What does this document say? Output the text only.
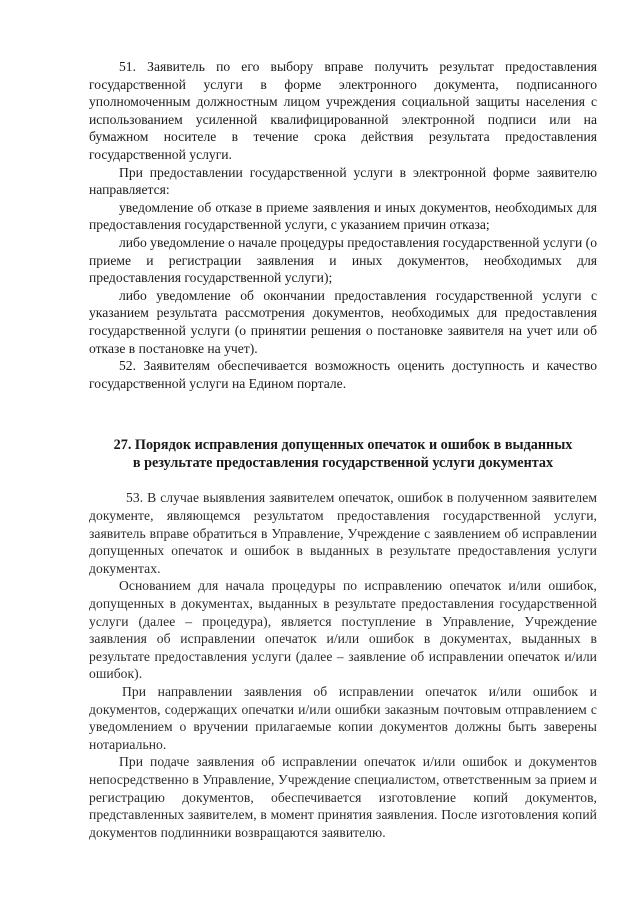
51. Заявитель по его выбору вправе получить результат предоставления государственной услуги в форме электронного документа, подписанного уполномоченным должностным лицом учреждения социальной защиты населения с использованием усиленной квалифицированной электронной подписи или на бумажном носителе в течение срока действия результата предоставления государственной услуги.

При предоставлении государственной услуги в электронной форме заявителю направляется:

уведомление об отказе в приеме заявления и иных документов, необходимых для предоставления государственной услуги, с указанием причин отказа;

либо уведомление о начале процедуры предоставления государственной услуги (о приеме и регистрации заявления и иных документов, необходимых для предоставления государственной услуги);

либо уведомление об окончании предоставления государственной услуги с указанием результата рассмотрения документов, необходимых для предоставления государственной услуги (о принятии решения о постановке заявителя на учет или об отказе в постановке на учет).

52. Заявителям обеспечивается возможность оценить доступность и качество государственной услуги на Едином портале.

27. Порядок исправления допущенных опечаток и ошибок в выданных

в результате предоставления государственной услуги документах

53. В случае выявления заявителем опечаток, ошибок в полученном заявителем документе, являющемся результатом предоставления государственной услуги, заявитель вправе обратиться в Управление, Учреждение с заявлением об исправлении допущенных опечаток и ошибок в выданных в результате предоставления услуги документах.

Основанием для начала процедуры по исправлению опечаток и/или ошибок, допущенных в документах, выданных в результате предоставления государственной услуги (далее – процедура), является поступление в Управление, Учреждение заявления об исправлении опечаток и/или ошибок в документах, выданных в результате предоставления услуги (далее – заявление об исправлении опечаток и/или ошибок).

При направлении заявления об исправлении опечаток и/или ошибок и документов, содержащих опечатки и/или ошибки заказным почтовым отправлением с уведомлением о вручении прилагаемые копии документов должны быть заверены нотариально.

При подаче заявления об исправлении опечаток и/или ошибок и документов непосредственно в Управление, Учреждение специалистом, ответственным за прием и регистрацию документов, обеспечивается изготовление копий документов, представленных заявителем, в момент принятия заявления. После изготовления копий документов подлинники возвращаются заявителю.
